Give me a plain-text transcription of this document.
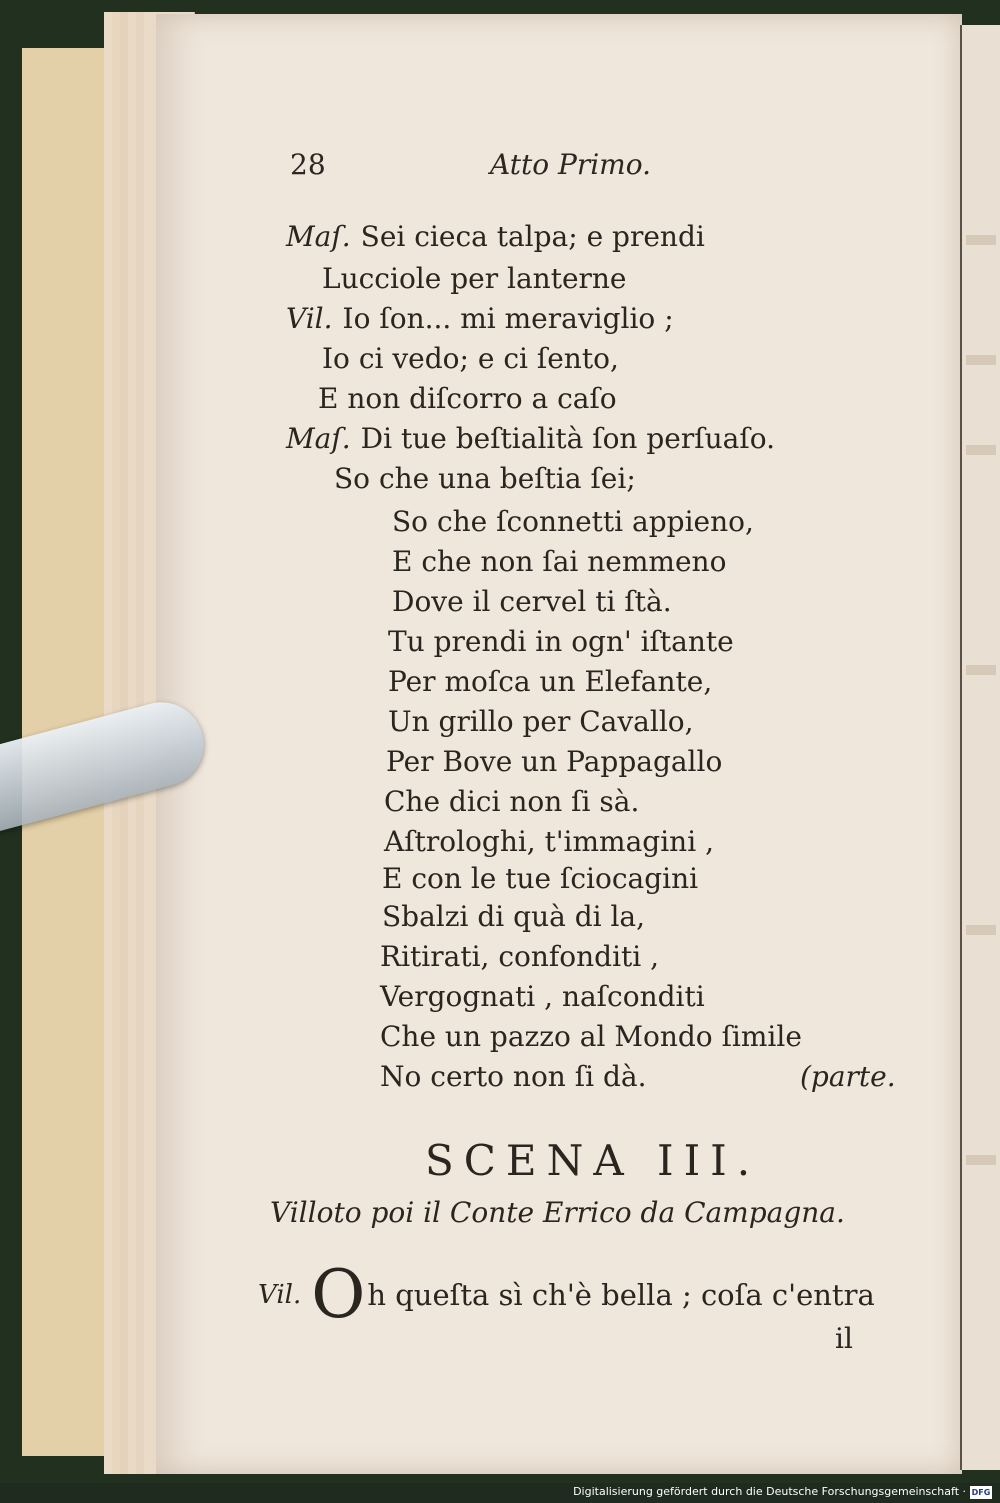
28	Atto Primo.
Maſ. Sei cieca talpa; e prendi
Lucciole per lanterne
Vil. Io ſon... mi meraviglio ;
Io ci vedo; e ci ſento,
E non diſcorro a caſo
Maſ. Di tue beſtialità ſon perſuaſo.
So che una beſtia ſei;
So che ſconnetti appieno,
E che non ſai nemmeno
Dove il cervel ti ſtà.
Tu prendi in ogn' iſtante
Per moſca un Elefante,
Un grillo per Cavallo,
Per Bove un Pappagallo
Che dici non ſi sà.
Aſtrologhi, t'immagini ,
E con le tue ſciocagini
Sbalzi di quà di la,
Ritirati, confonditi ,
Vergognati , naſconditi
Che un pazzo al Mondo ſimile
No certo non ſi dà.	(parte.
SCENA III.
Villoto poi il Conte Errico da Campagna.
Vil. Oh queſta sì ch'è bella ; coſa c'entra
il
Digitalisierung gefördert durch die Deutsche Forschungsgemeinschaft · DFG
